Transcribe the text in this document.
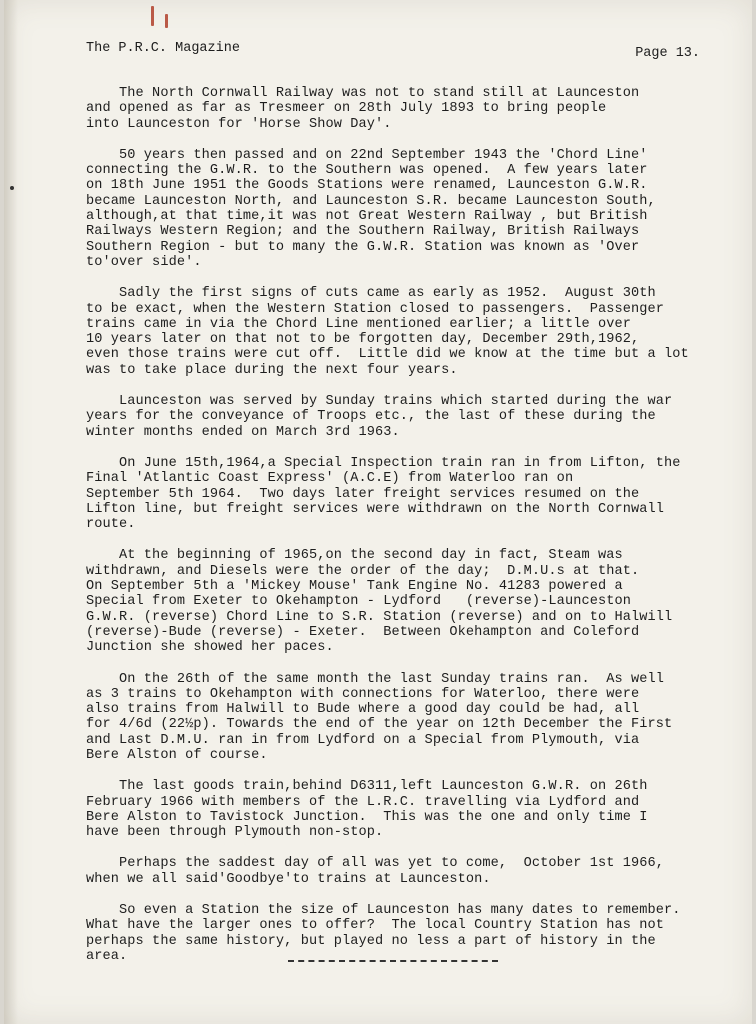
The P.R.C. Magazine	Page 13.

The North Cornwall Railway was not to stand still at Launceston
and opened as far as Tresmeer on 28th July 1893 to bring people
into Launceston for 'Horse Show Day'.

50 years then passed and on 22nd September 1943 the 'Chord Line'
connecting the G.W.R. to the Southern was opened.  A few years later
on 18th June 1951 the Goods Stations were renamed, Launceston G.W.R.
became Launceston North, and Launceston S.R. became Launceston South,
although,at that time,it was not Great Western Railway , but British
Railways Western Region; and the Southern Railway, British Railways
Southern Region - but to many the G.W.R. Station was known as 'Over
to'over side'.

Sadly the first signs of cuts came as early as 1952.  August 30th
to be exact, when the Western Station closed to passengers.  Passenger
trains came in via the Chord Line mentioned earlier; a little over
10 years later on that not to be forgotten day, December 29th,1962,
even those trains were cut off.  Little did we know at the time but a lot
was to take place during the next four years.

Launceston was served by Sunday trains which started during the war
years for the conveyance of Troops etc., the last of these during the
winter months ended on March 3rd 1963.

On June 15th,1964,a Special Inspection train ran in from Lifton, the
Final 'Atlantic Coast Express' (A.C.E) from Waterloo ran on
September 5th 1964.  Two days later freight services resumed on the
Lifton line, but freight services were withdrawn on the North Cornwall
route.

At the beginning of 1965,on the second day in fact, Steam was
withdrawn, and Diesels were the order of the day;  D.M.U.s at that.
On September 5th a 'Mickey Mouse' Tank Engine No. 41283 powered a
Special from Exeter to Okehampton - Lydford   (reverse)-Launceston
G.W.R. (reverse) Chord Line to S.R. Station (reverse) and on to Halwill
(reverse)-Bude (reverse) - Exeter.  Between Okehampton and Coleford
Junction she showed her paces.

On the 26th of the same month the last Sunday trains ran.  As well
as 3 trains to Okehampton with connections for Waterloo, there were
also trains from Halwill to Bude where a good day could be had, all
for 4/6d (22½p). Towards the end of the year on 12th December the First
and Last D.M.U. ran in from Lydford on a Special from Plymouth, via
Bere Alston of course.

The last goods train,behind D6311,left Launceston G.W.R. on 26th
February 1966 with members of the L.R.C. travelling via Lydford and
Bere Alston to Tavistock Junction.  This was the one and only time I
have been through Plymouth non-stop.

Perhaps the saddest day of all was yet to come,  October 1st 1966,
when we all said'Goodbye'to trains at Launceston.

So even a Station the size of Launceston has many dates to remember.
What have the larger ones to offer?  The local Country Station has not
perhaps the same history, but played no less a part of history in the
area.
